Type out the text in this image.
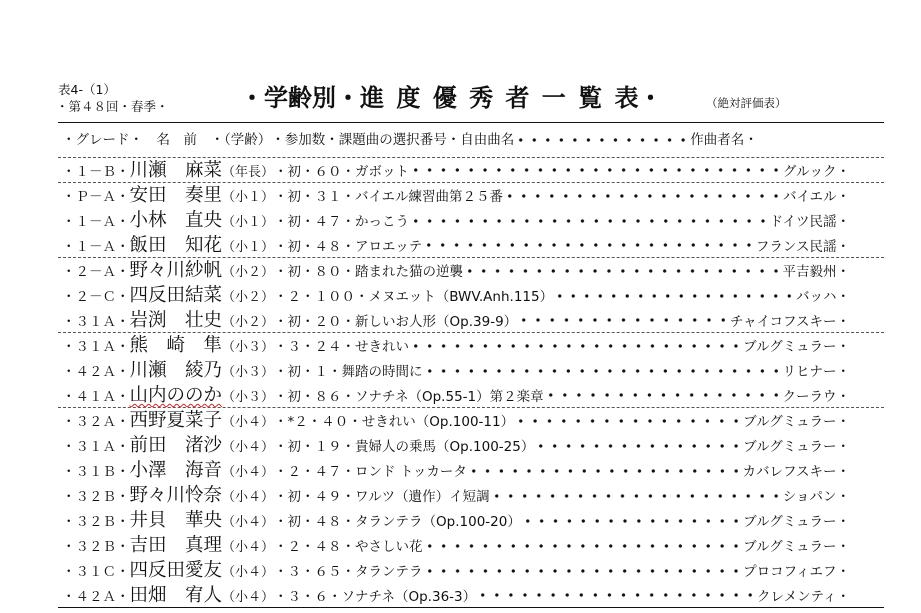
表4-（1）
・第４８回・春季・	・学齢別・進 度 優 秀 者 一 覧 表・	（絶対評価表）
・ グレード ・	　名　前　	・ （学齢）	・ 参加数	・ 課題曲の選択番号	・ 自由曲名	作曲者名 ・
・ １－Ｂ ・ 川瀬　麻菜 （年長）	・ 初 ・	６０ ・	ガボット	グルック ・
・ Ｐ－Ａ ・ 安田　奏里 （小１）	・ 初 ・	３１ ・	バイエル練習曲第２５番	バイエル ・
・ １－Ａ ・ 小林　直央 （小１）	・ 初 ・	４７ ・	かっこう	ドイツ民謡 ・
・ １－Ａ ・ 飯田　知花 （小１）	・ 初 ・	４８ ・	アロエッテ	フランス民謡 ・
・ ２－Ａ ・ 野々川紗帆 （小２）	・ 初 ・	８０ ・	踏まれた猫の逆襲	平吉毅州 ・
・ ２－Ｃ ・ 四反田結菜 （小２）	・ ２ ・	１００ ・	メヌエット（BWV.Anh.115）	バッハ ・
・ ３１Ａ ・ 岩渕　壮史 （小２）	・ 初 ・	２０ ・	新しいお人形（Op.39-9）	チャイコフスキー ・
・ ３１Ａ ・ 熊　崎　隼 （小３）	・ ３ ・	２４ ・	せきれい	ブルグミュラー ・
・ ４２Ａ ・ 川瀬　綾乃 （小３）	・ 初 ・	１ ・	舞踏の時間に	リヒナー ・
・ ４１Ａ ・ 山内ののか （小３）	・ 初 ・	８６ ・	ソナチネ（Op.55-1）第２楽章	クーラウ ・
・ ３２Ａ ・ 西野夏菜子 （小４）	・ *２ ・	４０ ・	せきれい（Op.100-11）	ブルグミュラー ・
・ ３１Ａ ・ 前田　渚沙 （小４）	・ 初 ・	１９ ・	貴婦人の乗馬（Op.100-25）	ブルグミュラー ・
・ ３１Ｂ ・ 小澤　海音 （小４）	・ ２ ・	４７ ・	ロンド トッカータ	カバレフスキー ・
・ ３２Ｂ ・ 野々川怜奈 （小４）	・ 初 ・	４９ ・	ワルツ（遺作）イ短調	ショパン ・
・ ３２Ｂ ・ 井貝　華央 （小４）	・ 初 ・	４８ ・	タランテラ（Op.100-20）	ブルグミュラー ・
・ ３２Ｂ ・ 吉田　真理 （小４）	・ ２ ・	４８ ・	やさしい花	ブルグミュラー ・
・ ３１Ｃ ・ 四反田愛友 （小４）	・ ３ ・	６５ ・	タランテラ	プロコフィエフ ・
・ ４２Ａ ・ 田畑　宥人 （小４）	・ ３ ・	６ ・	ソナチネ（Op.36-3）	クレメンティ ・
